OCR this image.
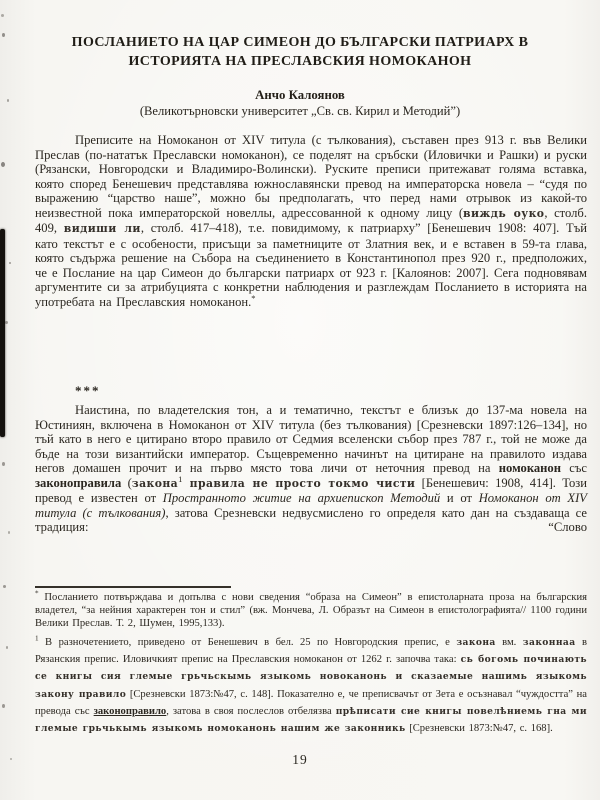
ПОСЛАНИЕТО НА ЦАР СИМЕОН ДО БЪЛГАРСКИ ПАТРИАРХ В
ИСТОРИЯТА НА ПРЕСЛАВСКИЯ НОМОКАНОН
Анчо Калоянов
(Великотърновски университет „Св. св. Кирил и Методий”)

Преписите на Номоканон от XIV титула (с тълкования), съставен през 913 г. във Велики Преслав (по-нататък Преславски номоканон), се поделят на сръбски (Иловички и Рашки) и руски (Рязански, Новгородски и Владимиро-Волински). Руските преписи притежават голяма вставка, която според Бенешевич представлява южнославянски превод на императорска новела – “судя по выражению “царство наше”, можно бы предполагать, что перед нами отрывок из какой-то неизвестной пока императорской новеллы, адрессованной к одному лицу (виждь оуко, столб. 409, видиши ли, столб. 417–418), т.е. повидимому, к патриарху” [Бенешевич 1908: 407]. Тъй като текстът е с особености, присъщи за паметниците от Златния век, и е вставен в 59-та глава, която съдържа решение на Събора на съединението в Константинопол през 920 г., предположих, че е Послание на цар Симеон до български патриарх от 923 г. [Калоянов: 2007]. Сега подновявам аргументите си за атрибуцията с конкретни наблюдения и разглеждам Посланието в историята на употребата на Преславския номоканон.*

***

Наистина, по владетелския тон, а и тематично, текстът е близък до 137-ма новела на Юстиниян, включена в Номоканон от XIV титула (без тълкования) [Срезневски 1897:126–134], но тъй като в него е цитирано второ правило от Седмия вселенски събор през 787 г., той не може да бъде на този византийски император. Същевременно начинът на цитиране на правилото издава негов домашен прочит и на първо място това личи от неточния превод на номоканон със законоправила (закона$^1$ правила не просто токмо чисти [Бенешевич: 1908, 414]. Този превод е известен от Пространното житие на архиепископ Методий и от Номоканон от XIV титула (с тълкования), затова Срезневски недвусмислено го определя като дан на създаваща се традиция: “Слово

* Посланието потвърждава и допълва с нови сведения “образа на Симеон” в епистоларната проза на българския владетел, “за нейния характерен тон и стил” (вж. Мончева, Л. Образът на Симеон в епистолографията// 1100 години Велики Преслав. Т. 2, Шумен, 1995,133).

$^1$ В разночетението, приведено от Бенешевич в бел. 25 по Новгородския препис, е закона вм. законнаа в Рязанския препис. Иловичкият препис на Преславския номоканон от 1262 г. започва така: сь богомь починають се книгы сия глемые грьчьскымь языкомь новоканонь и сказаемые нашимь языкомь закону правило [Срезневски 1873:№47, с. 148]. Показателно е, че преписвачът от Зета е осъзнавал “чуждостта” на превода със законоправило, затова в своя послеслов отбелязва прѣписати сие книгы повелѣниемь гна ми глемые грьчькымь языкомь номоканонь нашим же законникь [Срезневски 1873:№47, с. 168].

19
